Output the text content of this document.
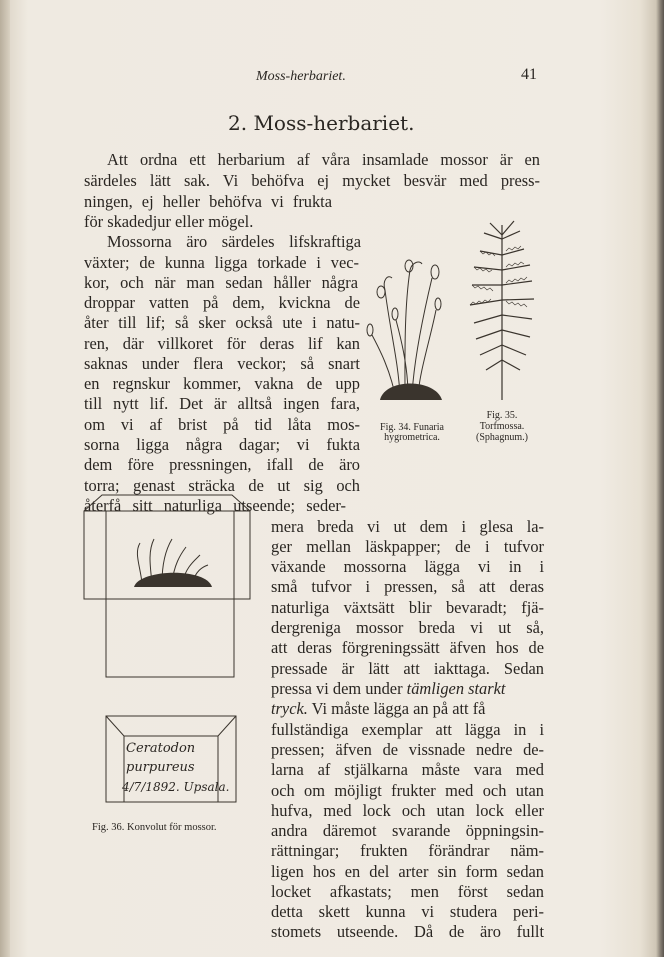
Moss-herbariet.	41
2. Moss-herbariet.
Att ordna ett herbarium af våra insamlade mossor är en
särdeles lätt sak. Vi behöfva ej mycket besvär med press-
ningen, ej heller behöfva vi frukta
för skadedjur eller mögel.
Mossorna äro särdeles lifskraftiga
växter; de kunna ligga torkade i vec-
kor, och när man sedan håller några
droppar vatten på dem, kvickna de
åter till lif; så sker också ute i natu-
ren, där villkoret för deras lif kan
saknas under flera veckor; så snart
en regnskur kommer, vakna de upp
till nytt lif. Det är alltså ingen fara,
om vi af brist på tid låta mos-
sorna ligga några dagar; vi fukta
dem före pressningen, ifall de äro
torra; genast sträcka de ut sig och
återfå sitt naturliga utseende; seder-
mera breda vi ut dem i glesa la-
ger mellan läskpapper; de i tufvor
växande mossorna lägga vi in i
små tufvor i pressen, så att deras
naturliga växtsätt blir bevaradt; fjä-
dergreniga mossor breda vi ut så,
att deras förgreningssätt äfven hos de
pressade är lätt att iakttaga. Sedan
pressa vi dem under tämligen starkt
tryck. Vi måste lägga an på att få
fullständiga exemplar att lägga in i
pressen; äfven de vissnade nedre de-
larna af stjälkarna måste vara med
och om möjligt frukter med och utan
hufva, med lock och utan lock eller
andra däremot svarande öppningsin-
rättningar; frukten förändrar näm-
ligen hos en del arter sin form sedan
locket afkastats; men först sedan
detta skett kunna vi studera peri-
stomets utseende. Då de äro fullt
Fig. 34. Funaria
hygrometrica.
Fig. 35.
Torfmossa.
(Sphagnum.)
Ceratodon
purpureus
4/7/1892. Upsala.
Fig. 36. Konvolut för mossor.
